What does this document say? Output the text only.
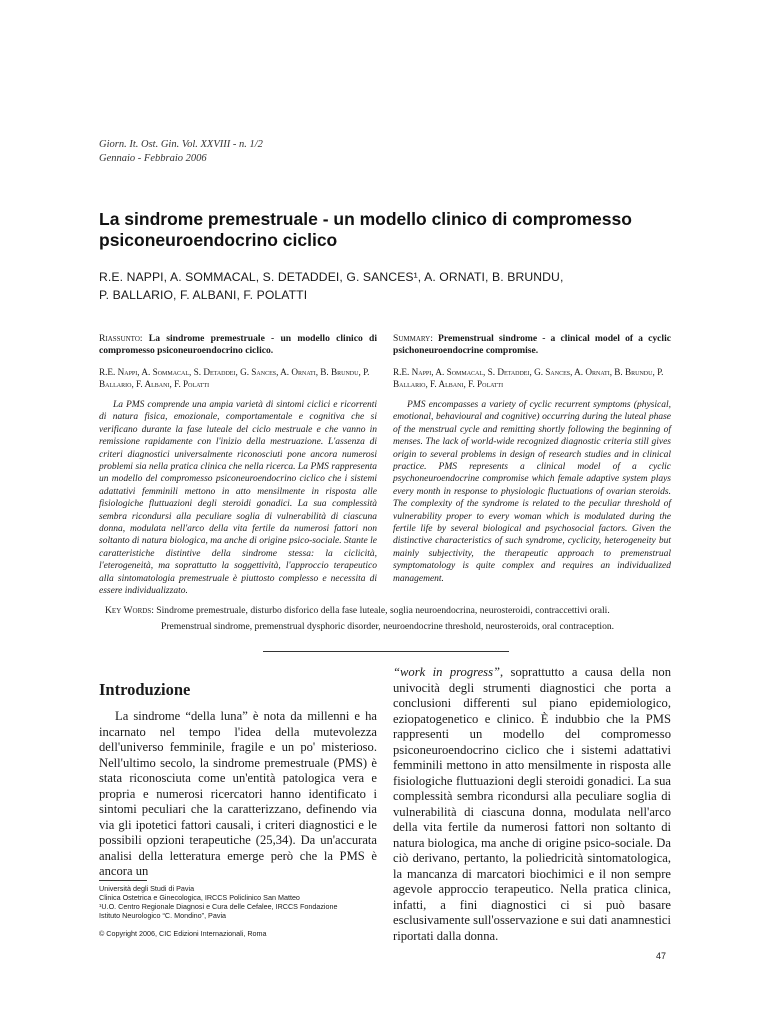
Giorn. It. Ost. Gin. Vol. XXVIII - n. 1/2
Gennaio - Febbraio 2006
La sindrome premestruale - un modello clinico di compromesso psiconeuroendocrino ciclico
R.E. NAPPI, A. SOMMACAL, S. DETADDEI, G. SANCES¹, A. ORNATI, B. BRUNDU,
P. BALLARIO, F. ALBANI, F. POLATTI
Riassunto: La sindrome premestruale - un modello clinico di compromesso psiconeuroendocrino ciclico.
R.E. Nappi, A. Sommacal, S. Detaddei, G. Sances, A. Ornati, B. Brundu, P. Ballario, F. Albani, F. Polatti
La PMS comprende una ampia varietà di sintomi ciclici e ricorrenti di natura fisica, emozionale, comportamentale e cognitiva che si verificano durante la fase luteale del ciclo mestruale e che vanno in remissione rapidamente con l'inizio della mestruazione. L'assenza di criteri diagnostici universalmente riconosciuti pone ancora numerosi problemi sia nella pratica clinica che nella ricerca. La PMS rappresenta un modello del compromesso psiconeuroendocrino ciclico che i sistemi adattativi femminili mettono in atto mensilmente in risposta alle fisiologiche fluttuazioni degli steroidi gonadici. La sua complessità sembra ricondursi alla peculiare soglia di vulnerabilità di ciascuna donna, modulata nell'arco della vita fertile da numerosi fattori non soltanto di natura biologica, ma anche di origine psico-sociale. Stante le caratteristiche distintive della sindrome stessa: la ciclicità, l'eterogeneità, ma soprattutto la soggettività, l'approccio terapeutico alla sintomatologia premestruale è piuttosto complesso e necessita di essere individualizzato.
Summary: Premenstrual sindrome - a clinical model of a cyclic psichoneuroendocrine compromise.
R.E. Nappi, A. Sommacal, S. Detaddei, G. Sances, A. Ornati, B. Brundu, P. Ballario, F. Albani, F. Polatti
PMS encompasses a variety of cyclic recurrent symptoms (physical, emotional, behavioural and cognitive) occurring during the luteal phase of the menstrual cycle and remitting shortly following the beginning of menses. The lack of world-wide recognized diagnostic criteria still gives origin to several problems in design of research studies and in clinical practice. PMS represents a clinical model of a cyclic psychoneuroendocrine compromise which female adaptive system plays every month in response to physiologic fluctuations of ovarian steroids. The complexity of the syndrome is related to the peculiar threshold of vulnerability proper to every woman which is modulated during the fertile life by several biological and psychosocial factors. Given the distinctive characteristics of such syndrome, cyclicity, heterogeneity but mainly subjectivity, the therapeutic approach to premenstrual symptomatology is quite complex and requires an individualized management.
Key Words: Sindrome premestruale, disturbo disforico della fase luteale, soglia neuroendocrina, neurosteroidi, contraccettivi orali.
Premenstrual sindrome, premenstrual dysphoric disorder, neuroendocrine threshold, neurosteroids, oral contraception.
Introduzione
La sindrome “della luna” è nota da millenni e ha incarnato nel tempo l'idea della mutevolezza dell'universo femminile, fragile e un po' misterioso. Nell'ultimo secolo, la sindrome premestruale (PMS) è stata riconosciuta come un'entità patologica vera e propria e numerosi ricercatori hanno identificato i sintomi peculiari che la caratterizzano, definendo via via gli ipotetici fattori causali, i criteri diagnostici e le possibili opzioni terapeutiche (25,34). Da un'accurata analisi della letteratura emerge però che la PMS è ancora un
Università degli Studi di Pavia
Clinica Ostetrica e Ginecologica, IRCCS Policlinico San Matteo
¹U.O. Centro Regionale Diagnosi e Cura delle Cefalee, IRCCS Fondazione
Istituto Neurologico “C. Mondino”, Pavia
© Copyright 2006, CIC Edizioni Internazionali, Roma
“work in progress”, soprattutto a causa della non univocità degli strumenti diagnostici che porta a conclusioni differenti sul piano epidemiologico, eziopatogenetico e clinico. È indubbio che la PMS rappresenti un modello del compromesso psiconeuroendocrino ciclico che i sistemi adattativi femminili mettono in atto mensilmente in risposta alle fisiologiche fluttuazioni degli steroidi gonadici. La sua complessità sembra ricondursi alla peculiare soglia di vulnerabilità di ciascuna donna, modulata nell'arco della vita fertile da numerosi fattori non soltanto di natura biologica, ma anche di origine psico-sociale. Da ciò derivano, pertanto, la poliedricità sintomatologica, la mancanza di marcatori biochimici e il non sempre agevole approccio terapeutico. Nella pratica clinica, infatti, a fini diagnostici ci si può basare esclusivamente sull'osservazione e sui dati anamnestici riportati dalla donna.
47
